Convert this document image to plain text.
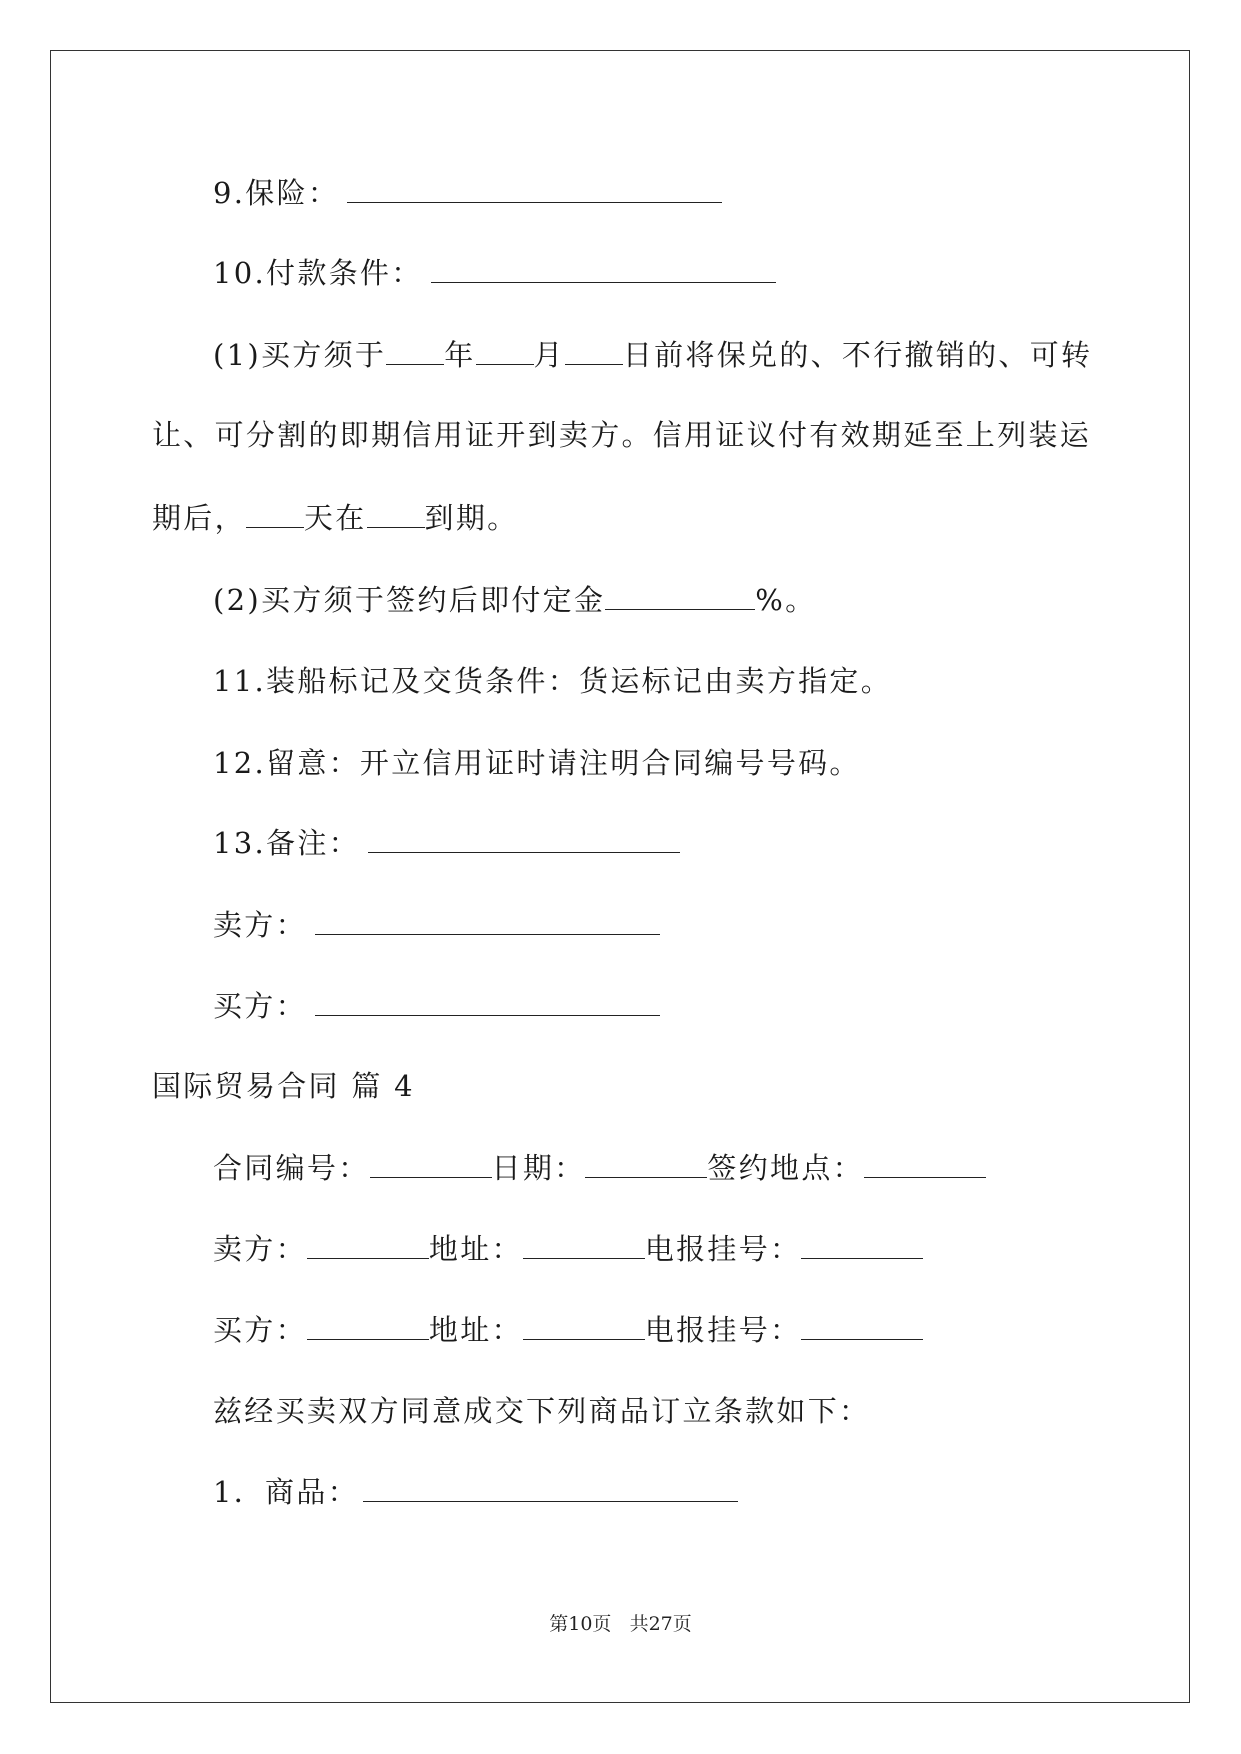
9.保险：
10.付款条件：
(1)买方须于 年 月 日前将保兑的、不行撤销的、可转
让、可分割的即期信用证开到卖方。信用证议付有效期延至上列装运
期后， 天在 到期。
(2)买方须于签约后即付定金	%。
11.装船标记及交货条件：货运标记由卖方指定。
12.留意：开立信用证时请注明合同编号号码。
13.备注：
卖方：
买方：
国际贸易合同 篇 4
合同编号：	日期：	签约地点：
卖方：	地址：	电报挂号：
买方：	地址：	电报挂号：
兹经买卖双方同意成交下列商品订立条款如下：
1．商品：
第10页 共27页
